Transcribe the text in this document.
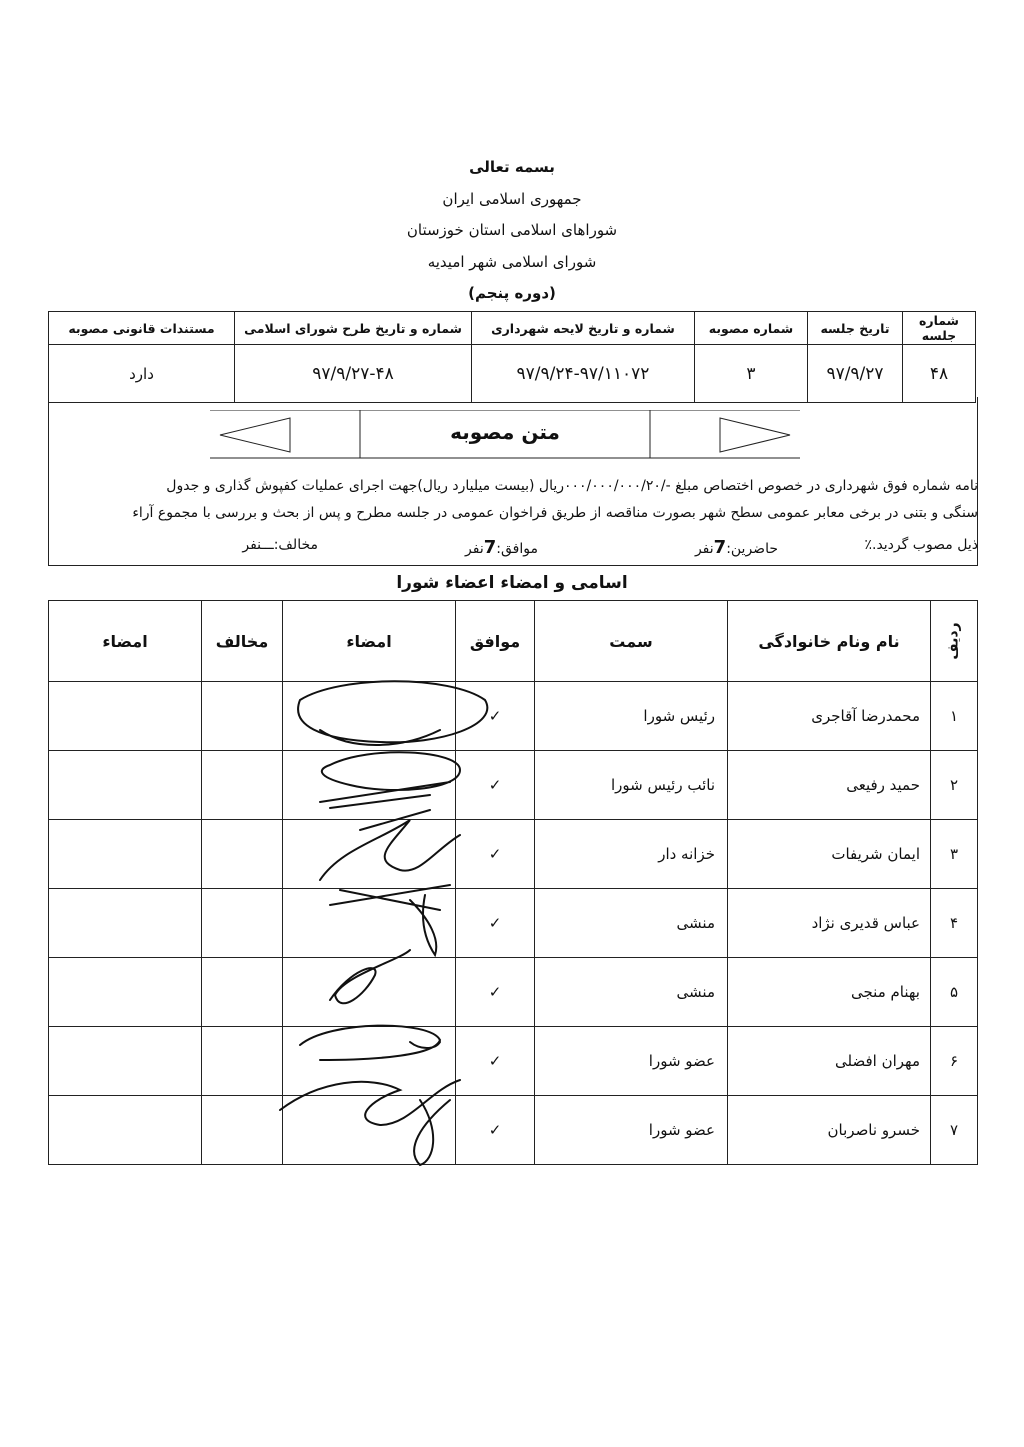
بسمه تعالی
جمهوری اسلامی ایران
شوراهای اسلامی استان خوزستان
شورای اسلامی شهر امیدیه
(دوره پنجم)
شماره جلسه	تاریخ جلسه	شماره مصوبه	شماره و تاریخ لایحه شهرداری	شماره و تاریخ طرح شورای اسلامی	مستندات قانونی مصوبه
۴۸	۹۷/۹/۲۷	۳	۹۷/۹/۲۴-۹۷/۱۱۰۷۲	۹۷/۹/۲۷-۴۸	دارد
متن مصوبه
نامه شماره فوق شهرداری در خصوص اختصاص مبلغ -/۰۰۰/۰۰۰/۰۰۰/۲۰ریال (بیست میلیارد ریال)جهت اجرای عملیات کفپوش گذاری و جدول
سنگی و بتنی در برخی معابر عمومی سطح شهر بصورت مناقصه از طریق فراخوان عمومی در جلسه مطرح و پس از بحث و بررسی با مجموع آراء
ذیل مصوب گردید.٪
حاضرین:7نفر
موافق:7نفر
مخالف:ـــنفر
اسامی و امضاء اعضاء شورا
ردیف	نام ونام خانوادگی	سمت	موافق	امضاء	مخالف	امضاء
۱	محمدرضا آقاجری	رئیس شورا	✓			
۲	حمید رفیعی	نائب رئیس شورا	✓			
۳	ایمان شریفات	خزانه دار	✓			
۴	عباس قدیری نژاد	منشی	✓			
۵	بهنام منجی	منشی	✓			
۶	مهران افضلی	عضو شورا	✓			
۷	خسرو ناصربان	عضو شورا	✓			
